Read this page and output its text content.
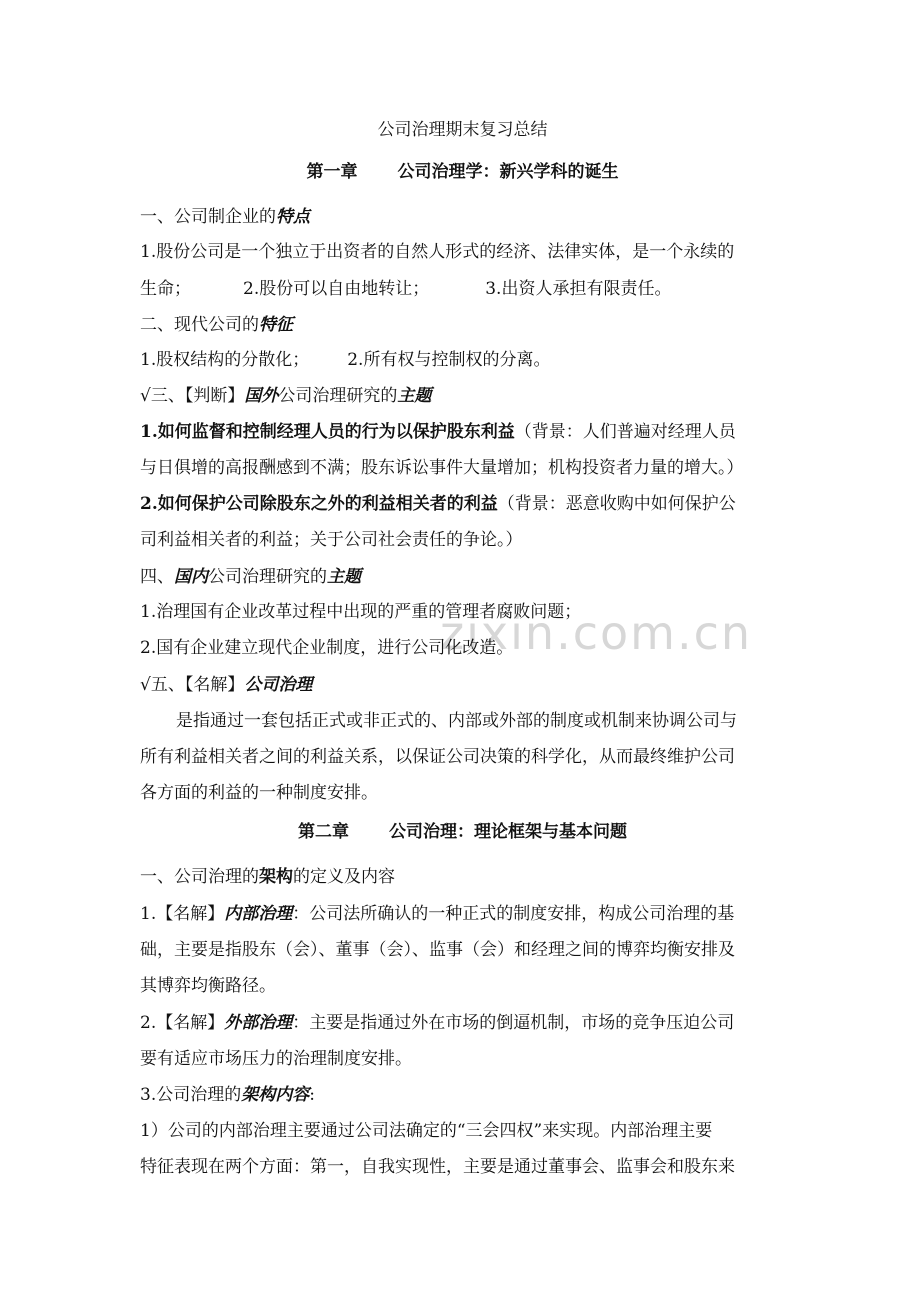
zixin.com.cn
公司治理期末复习总结
第一章 公司治理学：新兴学科的诞生
一、公司制企业的特点
1.股份公司是一个独立于出资者的自然人形式的经济、法律实体，是一个永续的
生命；	2.股份可以自由地转让；	3.出资人承担有限责任。
二、现代公司的特征
1.股权结构的分散化； 2.所有权与控制权的分离。
√三、【判断】国外公司治理研究的主题
1.如何监督和控制经理人员的行为以保护股东利益（背景：人们普遍对经理人员
与日俱增的高报酬感到不满；股东诉讼事件大量增加；机构投资者力量的增大。）
2.如何保护公司除股东之外的利益相关者的利益（背景：恶意收购中如何保护公
司利益相关者的利益；关于公司社会责任的争论。）
四、国内公司治理研究的主题
1.治理国有企业改革过程中出现的严重的管理者腐败问题；
2.国有企业建立现代企业制度，进行公司化改造。
√五、【名解】公司治理
是指通过一套包括正式或非正式的、内部或外部的制度或机制来协调公司与
所有利益相关者之间的利益关系，以保证公司决策的科学化，从而最终维护公司
各方面的利益的一种制度安排。
第二章 公司治理：理论框架与基本问题
一、公司治理的架构的定义及内容
1.【名解】内部治理：公司法所确认的一种正式的制度安排，构成公司治理的基
础，主要是指股东（会）、董事（会）、监事（会）和经理之间的博弈均衡安排及
其博弈均衡路径。
2.【名解】外部治理：主要是指通过外在市场的倒逼机制，市场的竞争压迫公司
要有适应市场压力的治理制度安排。
3.公司治理的架构内容:
1）公司的内部治理主要通过公司法确定的“三会四权”来实现。内部治理主要
特征表现在两个方面：第一，自我实现性，主要是通过董事会、监事会和股东来
